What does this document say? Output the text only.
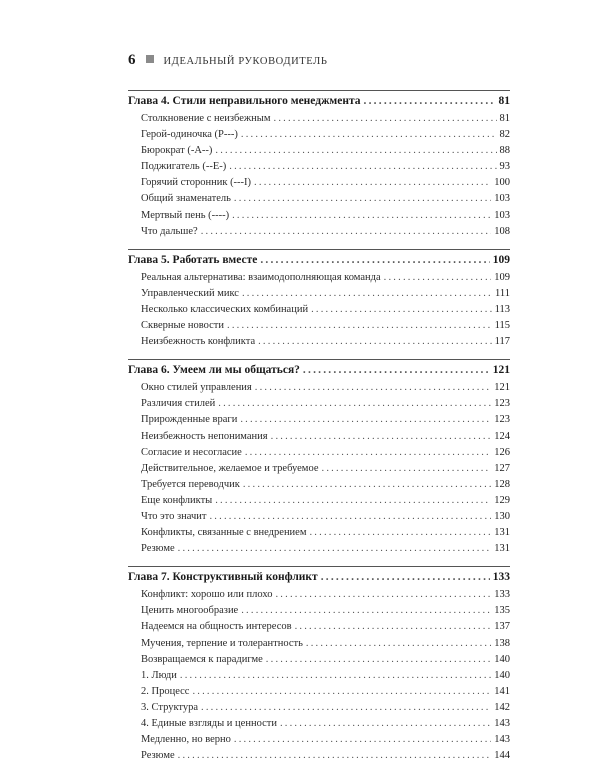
6	ИДЕАЛЬНЫЙ РУКОВОДИТЕЛЬ
Глава 4. Стили неправильного менеджмента .....	81
Столкновение с неизбежным .....	81
Герой-одиночка (P---) .....	82
Бюрократ (-A--) .....	88
Поджигатель (--E-) .....	93
Горячий сторонник (---I) .....	100
Общий знаменатель .....	103
Мертвый пень (----) .....	103
Что дальше? .....	108
Глава 5. Работать вместе .....	109
Реальная альтернатива: взаимодополняющая команда .....	109
Управленческий микс .....	111
Несколько классических комбинаций .....	113
Скверные новости .....	115
Неизбежность конфликта .....	117
Глава 6. Умеем ли мы общаться? .....	121
Окно стилей управления .....	121
Различия стилей .....	123
Прирожденные враги .....	123
Неизбежность непонимания .....	124
Согласие и несогласие .....	126
Действительное, желаемое и требуемое .....	127
Требуется переводчик .....	128
Еще конфликты .....	129
Что это значит .....	130
Конфликты, связанные с внедрением .....	131
Резюме .....	131
Глава 7. Конструктивный конфликт .....	133
Конфликт: хорошо или плохо .....	133
Ценить многообразие .....	135
Надеемся на общность интересов .....	137
Мучения, терпение и толерантность .....	138
Возвращаемся к парадигме .....	140
1. Люди .....	140
2. Процесс .....	141
3. Структура .....	142
4. Единые взгляды и ценности .....	143
Медленно, но верно .....	143
Резюме .....	144
